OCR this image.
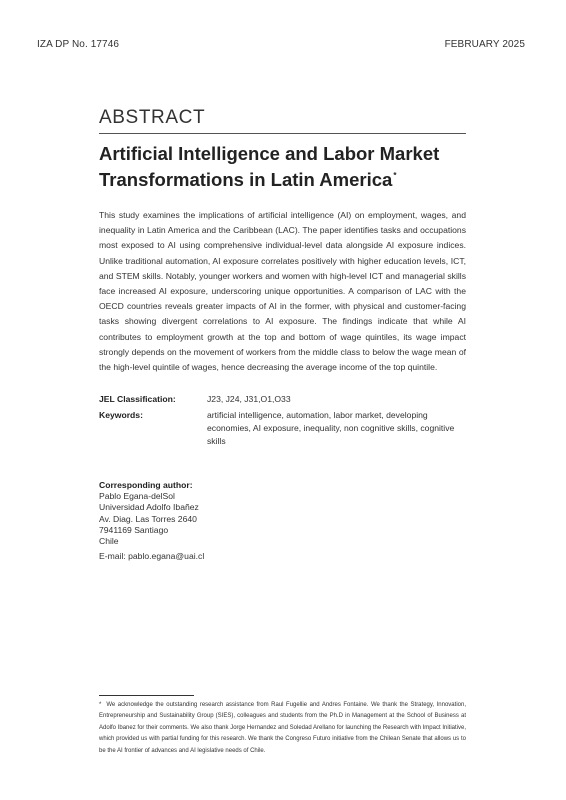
IZA DP No. 17746	FEBRUARY 2025
ABSTRACT
Artificial Intelligence and Labor Market Transformations in Latin America*
This study examines the implications of artificial intelligence (AI) on employment, wages, and inequality in Latin America and the Caribbean (LAC). The paper identifies tasks and occupations most exposed to AI using comprehensive individual-level data alongside AI exposure indices. Unlike traditional automation, AI exposure correlates positively with higher education levels, ICT, and STEM skills. Notably, younger workers and women with high-level ICT and managerial skills face increased AI exposure, underscoring unique opportunities. A comparison of LAC with the OECD countries reveals greater impacts of AI in the former, with physical and customer-facing tasks showing divergent correlations to AI exposure. The findings indicate that while AI contributes to employment growth at the top and bottom of wage quintiles, its wage impact strongly depends on the movement of workers from the middle class to below the wage mean of the high-level quintile of wages, hence decreasing the average income of the top quintile.
JEL Classification:	J23, J24, J31,O1,O33
Keywords:	artificial intelligence, automation, labor market, developing economies, AI exposure, inequality, non cognitive skills, cognitive skills
Corresponding author:
Pablo Egana-delSol
Universidad Adolfo Ibañez
Av. Diag. Las Torres 2640
7941169 Santiago
Chile
E-mail: pablo.egana@uai.cl
* We acknowledge the outstanding research assistance from Raul Fugellie and Andres Fontaine. We thank the Strategy, Innovation, Entrepreneurship and Sustainability Group (SIES), colleagues and students from the Ph.D in Management at the School of Business at Adolfo Ibanez for their comments. We also thank Jorge Hernandez and Soledad Arellano for launching the Research with Impact Initiative, which provided us with partial funding for this research. We thank the Congreso Futuro initiative from the Chilean Senate that allows us to be the AI frontier of advances and AI legislative needs of Chile.
